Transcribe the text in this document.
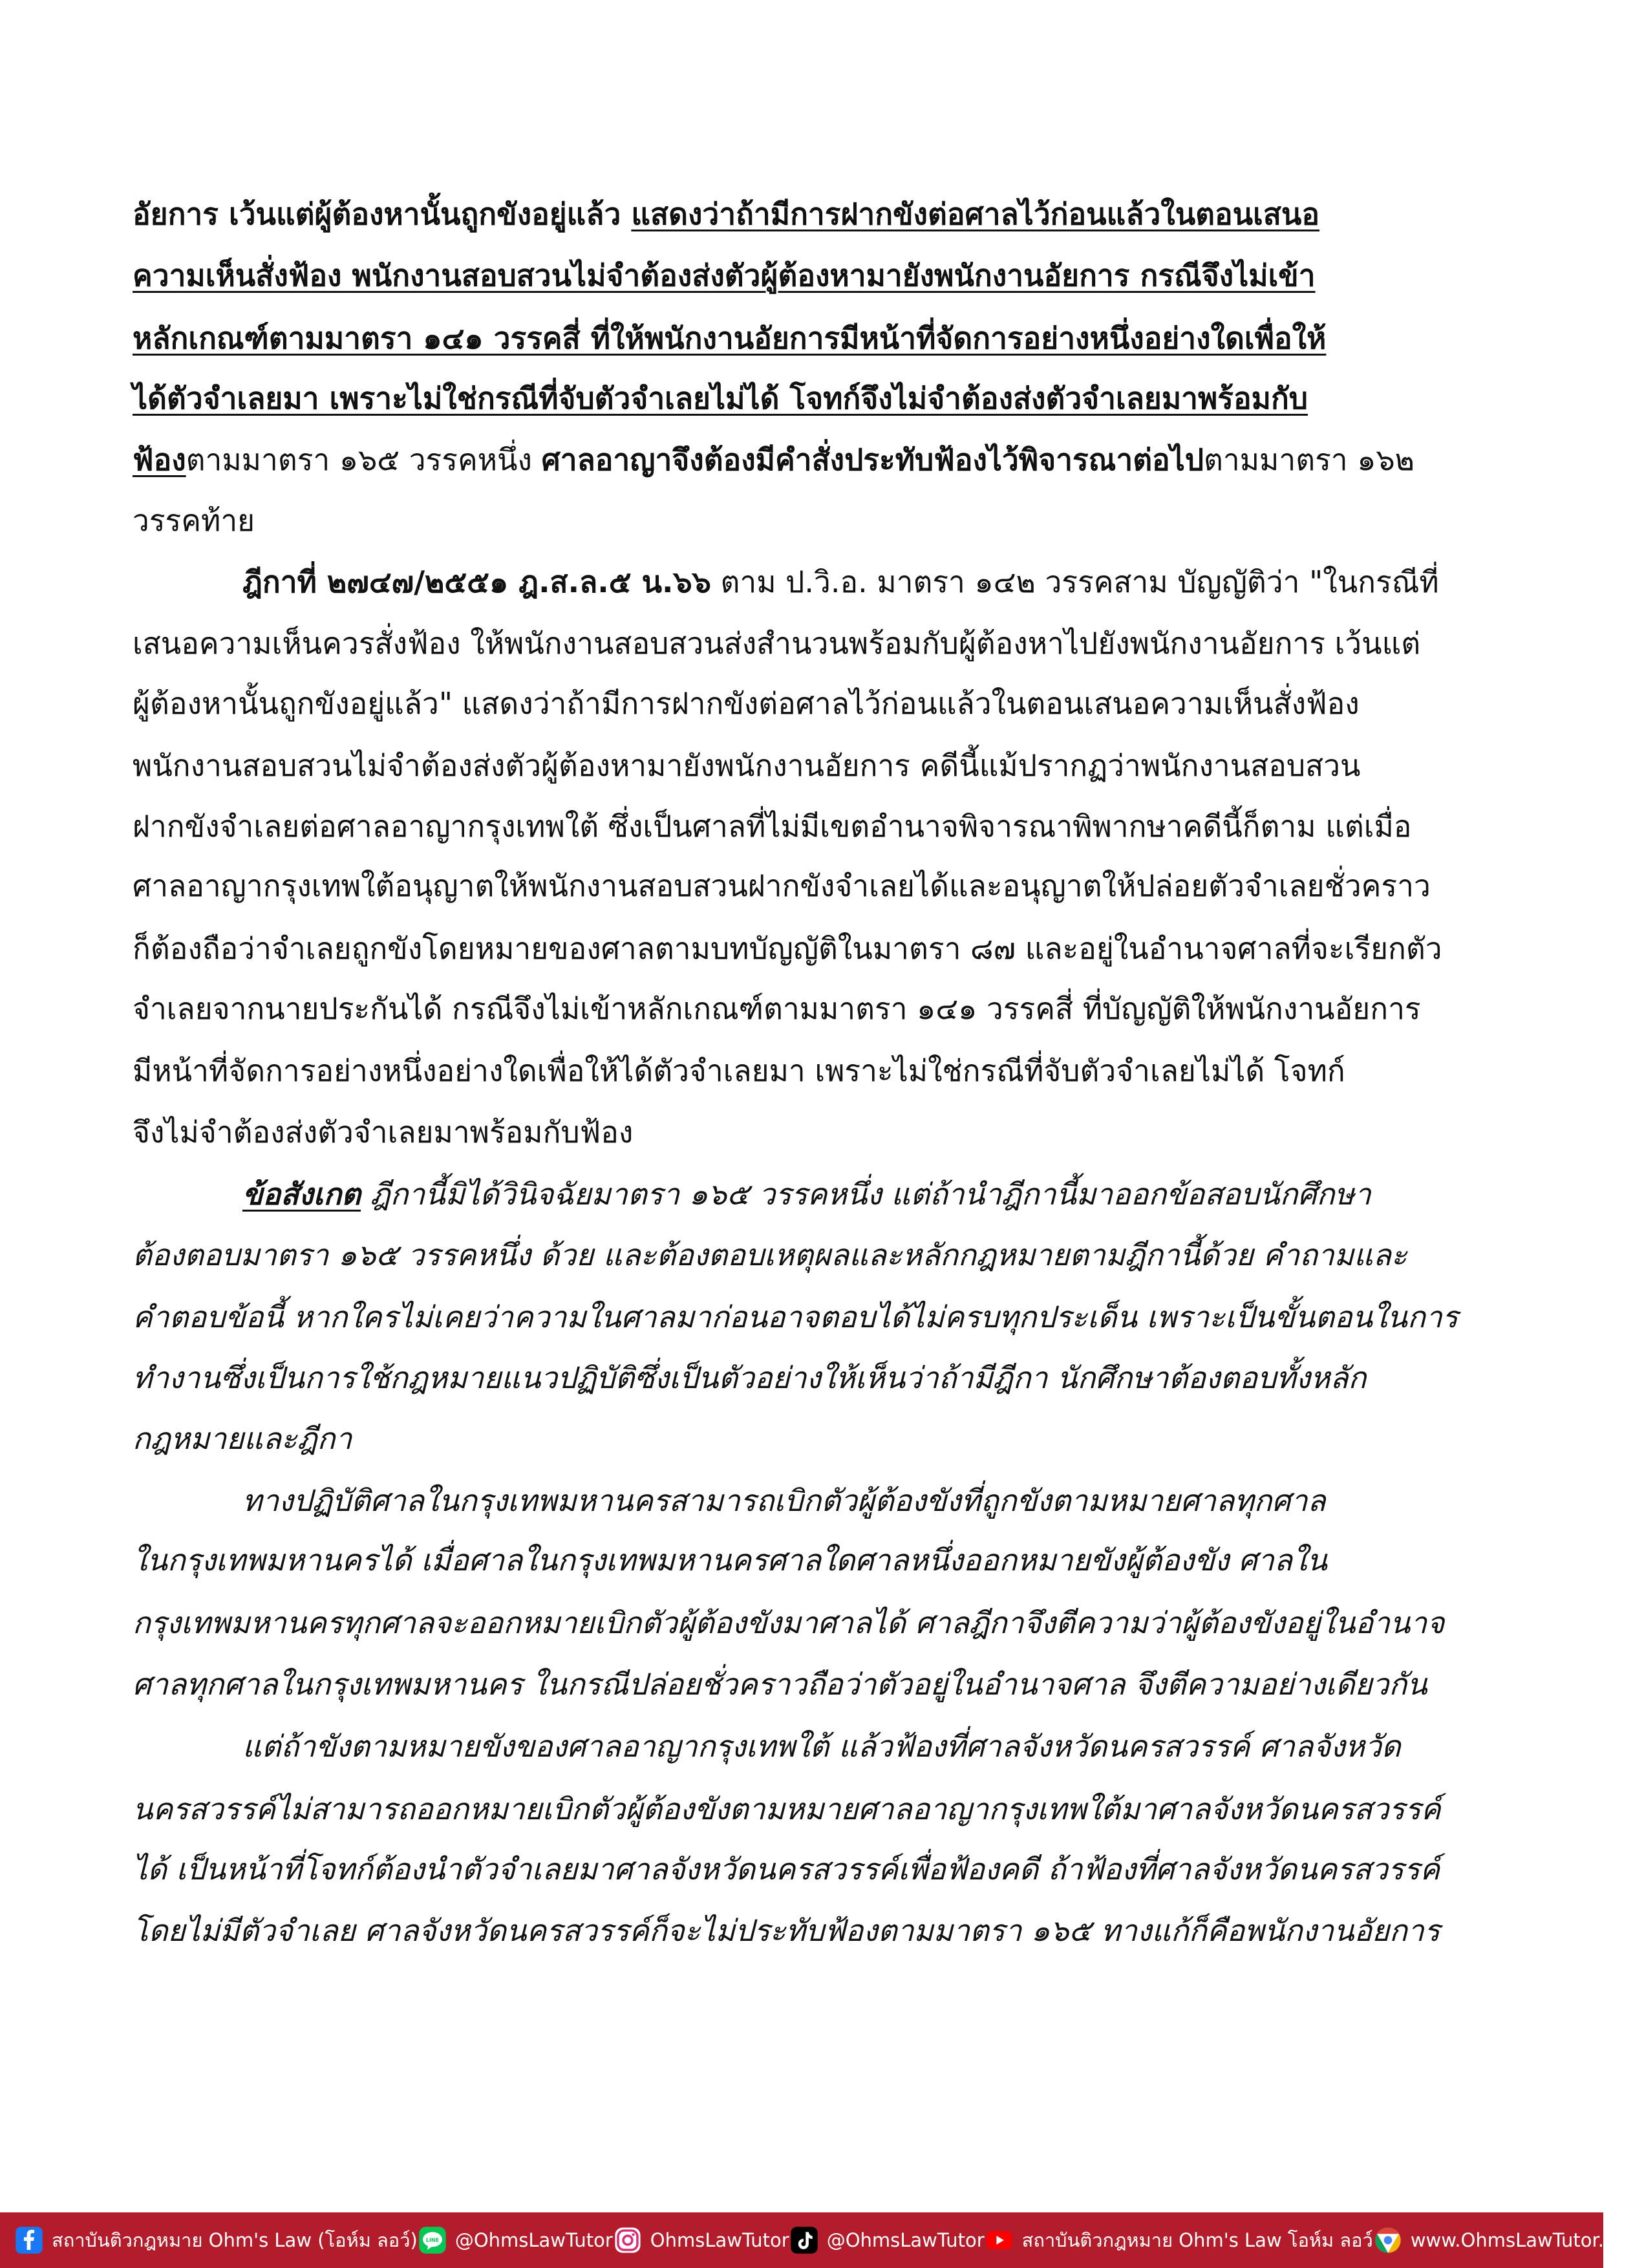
อัยการ เว้นแต่ผู้ต้องหานั้นถูกขังอยู่แล้ว แสดงว่าถ้ามีการฝากขังต่อศาลไว้ก่อนแล้วในตอนเสนอ
ความเห็นสั่งฟ้อง พนักงานสอบสวนไม่จำต้องส่งตัวผู้ต้องหามายังพนักงานอัยการ กรณีจึงไม่เข้า
หลักเกณฑ์ตามมาตรา ๑๔๑ วรรคสี่ ที่ให้พนักงานอัยการมีหน้าที่จัดการอย่างหนึ่งอย่างใดเพื่อให้
ได้ตัวจำเลยมา เพราะไม่ใช่กรณีที่จับตัวจำเลยไม่ได้ โจทก์จึงไม่จำต้องส่งตัวจำเลยมาพร้อมกับ
ฟ้องตามมาตรา ๑๖๕ วรรคหนึ่ง ศาลอาญาจึงต้องมีคำสั่งประทับฟ้องไว้พิจารณาต่อไปตามมาตรา ๑๖๒
วรรคท้าย
ฎีกาที่ ๒๗๔๗/๒๕๕๑ ฎ.ส.ล.๕ น.๖๖ ตาม ป.วิ.อ. มาตรา ๑๔๒ วรรคสาม บัญญัติว่า "ในกรณีที่
เสนอความเห็นควรสั่งฟ้อง ให้พนักงานสอบสวนส่งสำนวนพร้อมกับผู้ต้องหาไปยังพนักงานอัยการ เว้นแต่
ผู้ต้องหานั้นถูกขังอยู่แล้ว" แสดงว่าถ้ามีการฝากขังต่อศาลไว้ก่อนแล้วในตอนเสนอความเห็นสั่งฟ้อง
พนักงานสอบสวนไม่จำต้องส่งตัวผู้ต้องหามายังพนักงานอัยการ คดีนี้แม้ปรากฏว่าพนักงานสอบสวน
ฝากขังจำเลยต่อศาลอาญากรุงเทพใต้ ซึ่งเป็นศาลที่ไม่มีเขตอำนาจพิจารณาพิพากษาคดีนี้ก็ตาม แต่เมื่อ
ศาลอาญากรุงเทพใต้อนุญาตให้พนักงานสอบสวนฝากขังจำเลยได้และอนุญาตให้ปล่อยตัวจำเลยชั่วคราว
ก็ต้องถือว่าจำเลยถูกขังโดยหมายของศาลตามบทบัญญัติในมาตรา ๘๗ และอยู่ในอำนาจศาลที่จะเรียกตัว
จำเลยจากนายประกันได้ กรณีจึงไม่เข้าหลักเกณฑ์ตามมาตรา ๑๔๑ วรรคสี่ ที่บัญญัติให้พนักงานอัยการ
มีหน้าที่จัดการอย่างหนึ่งอย่างใดเพื่อให้ได้ตัวจำเลยมา เพราะไม่ใช่กรณีที่จับตัวจำเลยไม่ได้ โจทก์
จึงไม่จำต้องส่งตัวจำเลยมาพร้อมกับฟ้อง
ข้อสังเกต ฎีกานี้มิได้วินิจฉัยมาตรา ๑๖๕ วรรคหนึ่ง แต่ถ้านำฎีกานี้มาออกข้อสอบนักศึกษา
ต้องตอบมาตรา ๑๖๕ วรรคหนึ่ง ด้วย และต้องตอบเหตุผลและหลักกฎหมายตามฎีกานี้ด้วย คำถามและ
คำตอบข้อนี้ หากใครไม่เคยว่าความในศาลมาก่อนอาจตอบได้ไม่ครบทุกประเด็น เพราะเป็นขั้นตอนในการ
ทำงานซึ่งเป็นการใช้กฎหมายแนวปฏิบัติซึ่งเป็นตัวอย่างให้เห็นว่าถ้ามีฎีกา นักศึกษาต้องตอบทั้งหลัก
กฎหมายและฎีกา
ทางปฏิบัติศาลในกรุงเทพมหานครสามารถเบิกตัวผู้ต้องขังที่ถูกขังตามหมายศาลทุกศาล
ในกรุงเทพมหานครได้ เมื่อศาลในกรุงเทพมหานครศาลใดศาลหนึ่งออกหมายขังผู้ต้องขัง ศาลใน
กรุงเทพมหานครทุกศาลจะออกหมายเบิกตัวผู้ต้องขังมาศาลได้ ศาลฎีกาจึงตีความว่าผู้ต้องขังอยู่ในอำนาจ
ศาลทุกศาลในกรุงเทพมหานคร ในกรณีปล่อยชั่วคราวถือว่าตัวอยู่ในอำนาจศาล จึงตีความอย่างเดียวกัน
แต่ถ้าขังตามหมายขังของศาลอาญากรุงเทพใต้ แล้วฟ้องที่ศาลจังหวัดนครสวรรค์ ศาลจังหวัด
นครสวรรค์ไม่สามารถออกหมายเบิกตัวผู้ต้องขังตามหมายศาลอาญากรุงเทพใต้มาศาลจังหวัดนครสวรรค์
ได้ เป็นหน้าที่โจทก์ต้องนำตัวจำเลยมาศาลจังหวัดนครสวรรค์เพื่อฟ้องคดี ถ้าฟ้องที่ศาลจังหวัดนครสวรรค์
โดยไม่มีตัวจำเลย ศาลจังหวัดนครสวรรค์ก็จะไม่ประทับฟ้องตามมาตรา ๑๖๕ ทางแก้ก็คือพนักงานอัยการ
สถาบันติวกฎหมาย Ohm's Law (โอห์ม ลอว์) LINE @OhmsLawTutor OhmsLawTutor @OhmsLawTutor สถาบันติวกฎหมาย Ohm's Law โอห์ม ลอว์ www.OhmsLawTutor.com
